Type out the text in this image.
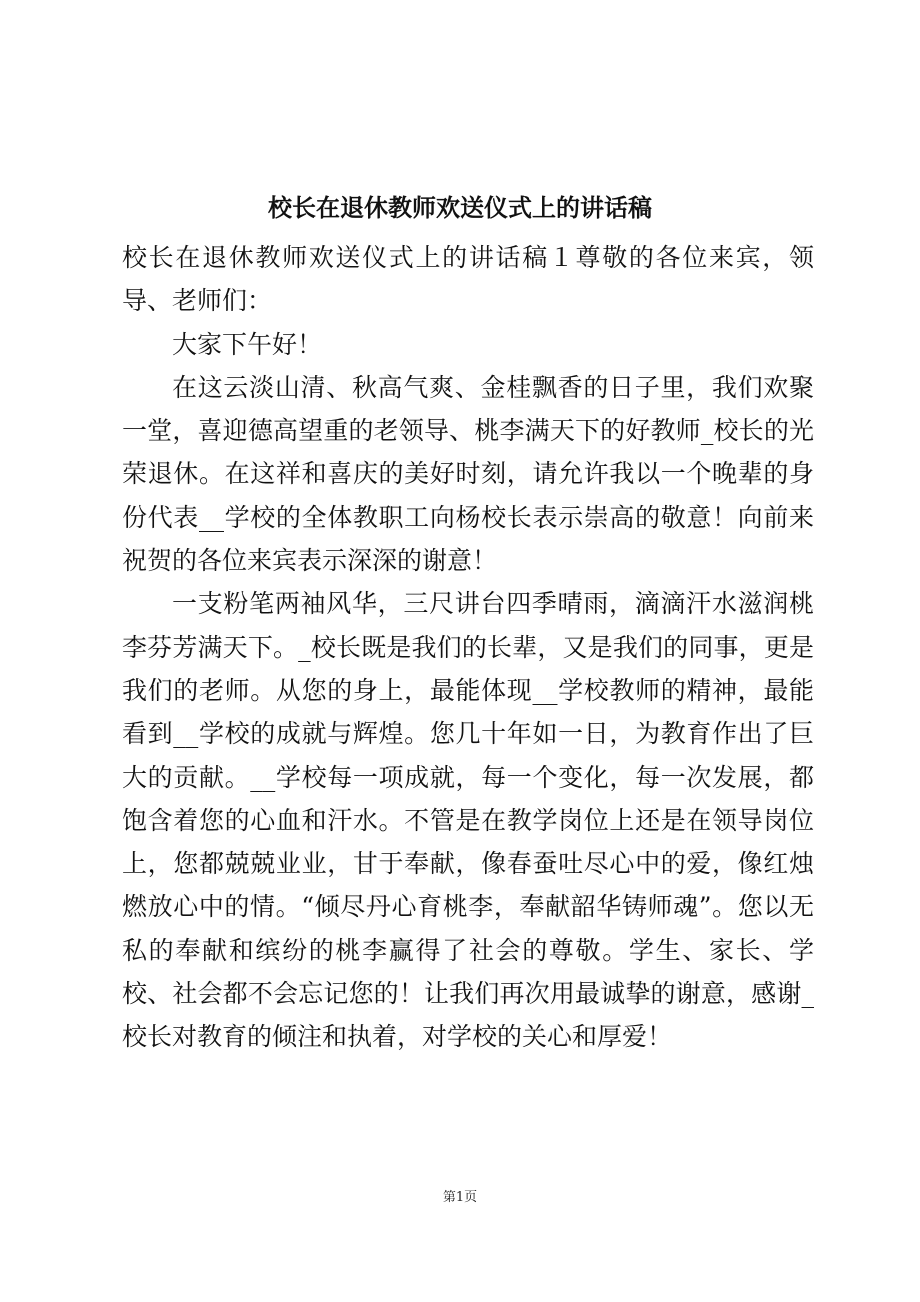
校长在退休教师欢送仪式上的讲话稿

校长在退休教师欢送仪式上的讲话稿１尊敬的各位来宾，领导、老师们：

大家下午好！

在这云淡山清、秋高气爽、金桂飘香的日子里，我们欢聚一堂，喜迎德高望重的老领导、桃李满天下的好教师_校长的光荣退休。在这祥和喜庆的美好时刻，请允许我以一个晚辈的身份代表__学校的全体教职工向杨校长表示崇高的敬意！向前来祝贺的各位来宾表示深深的谢意！

一支粉笔两袖风华，三尺讲台四季晴雨，滴滴汗水滋润桃李芬芳满天下。_校长既是我们的长辈，又是我们的同事，更是我们的老师。从您的身上，最能体现__学校教师的精神，最能看到__学校的成就与辉煌。您几十年如一日，为教育作出了巨大的贡献。__学校每一项成就，每一个变化，每一次发展，都饱含着您的心血和汗水。不管是在教学岗位上还是在领导岗位上，您都兢兢业业，甘于奉献，像春蚕吐尽心中的爱，像红烛燃放心中的情。“倾尽丹心育桃李，奉献韶华铸师魂”。您以无私的奉献和缤纷的桃李赢得了社会的尊敬。学生、家长、学校、社会都不会忘记您的！让我们再次用最诚挚的谢意，感谢_校长对教育的倾注和执着，对学校的关心和厚爱！

第1页
